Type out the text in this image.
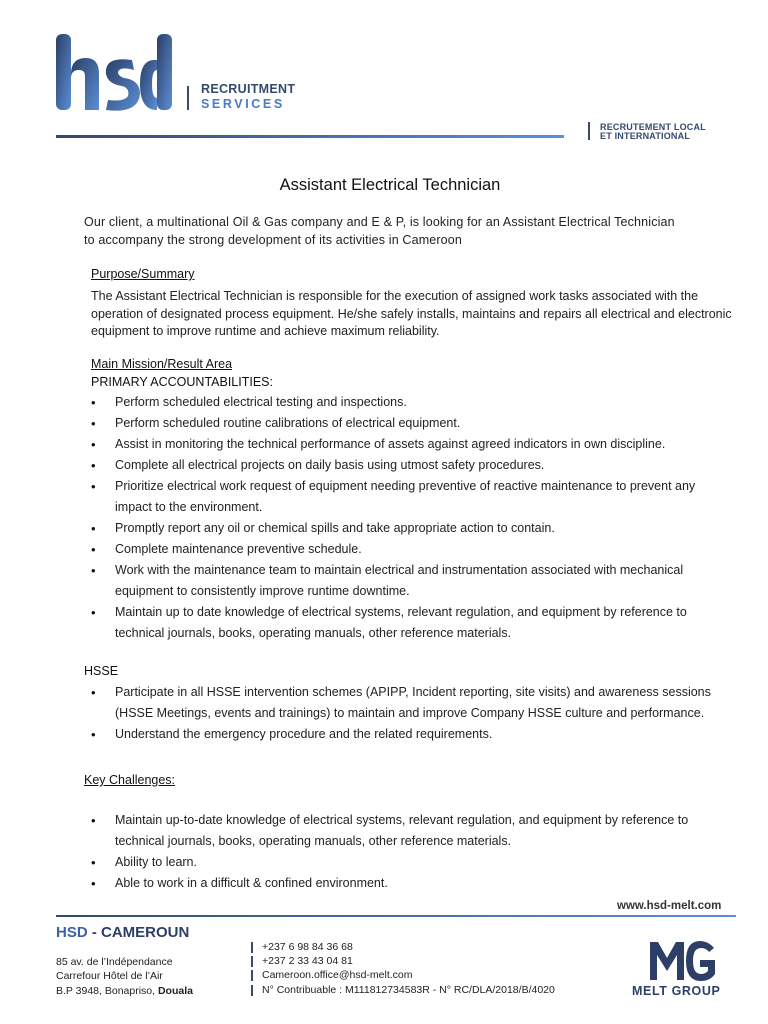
RECRUITMENT
SERVICES
RECRUTEMENT LOCAL
ET INTERNATIONAL
Assistant Electrical Technician
Our client, a multinational Oil & Gas company and E & P, is looking for an Assistant Electrical Technician to accompany the strong development of its activities in Cameroon
Purpose/Summary
The Assistant Electrical Technician is responsible for the execution of assigned work tasks associated with the operation of designated process equipment. He/she safely installs, maintains and repairs all electrical and electronic equipment to improve runtime and achieve maximum reliability.
Main Mission/Result Area
PRIMARY ACCOUNTABILITIES:
• Perform scheduled electrical testing and inspections.
• Perform scheduled routine calibrations of electrical equipment.
• Assist in monitoring the technical performance of assets against agreed indicators in own discipline.
• Complete all electrical projects on daily basis using utmost safety procedures.
• Prioritize electrical work request of equipment needing preventive of reactive maintenance to prevent any impact to the environment.
• Promptly report any oil or chemical spills and take appropriate action to contain.
• Complete maintenance preventive schedule.
• Work with the maintenance team to maintain electrical and instrumentation associated with mechanical equipment to consistently improve runtime downtime.
• Maintain up to date knowledge of electrical systems, relevant regulation, and equipment by reference to technical journals, books, operating manuals, other reference materials.
HSSE
• Participate in all HSSE intervention schemes (APIPP, Incident reporting, site visits) and awareness sessions (HSSE Meetings, events and trainings) to maintain and improve Company HSSE culture and performance.
• Understand the emergency procedure and the related requirements.
Key Challenges:
• Maintain up-to-date knowledge of electrical systems, relevant regulation, and equipment by reference to technical journals, books, operating manuals, other reference materials.
• Ability to learn.
• Able to work in a difficult & confined environment.
www.hsd-melt.com
HSD - CAMEROUN
85 av. de l’Indépendance
Carrefour Hôtel de l’Air
B.P 3948, Bonapriso, Douala
+237 6 98 84 36 68
+237 2 33 43 04 81
Cameroon.office@hsd-melt.com
N° Contribuable : M111812734583R - N° RC/DLA/2018/B/4020	MELT GROUP
